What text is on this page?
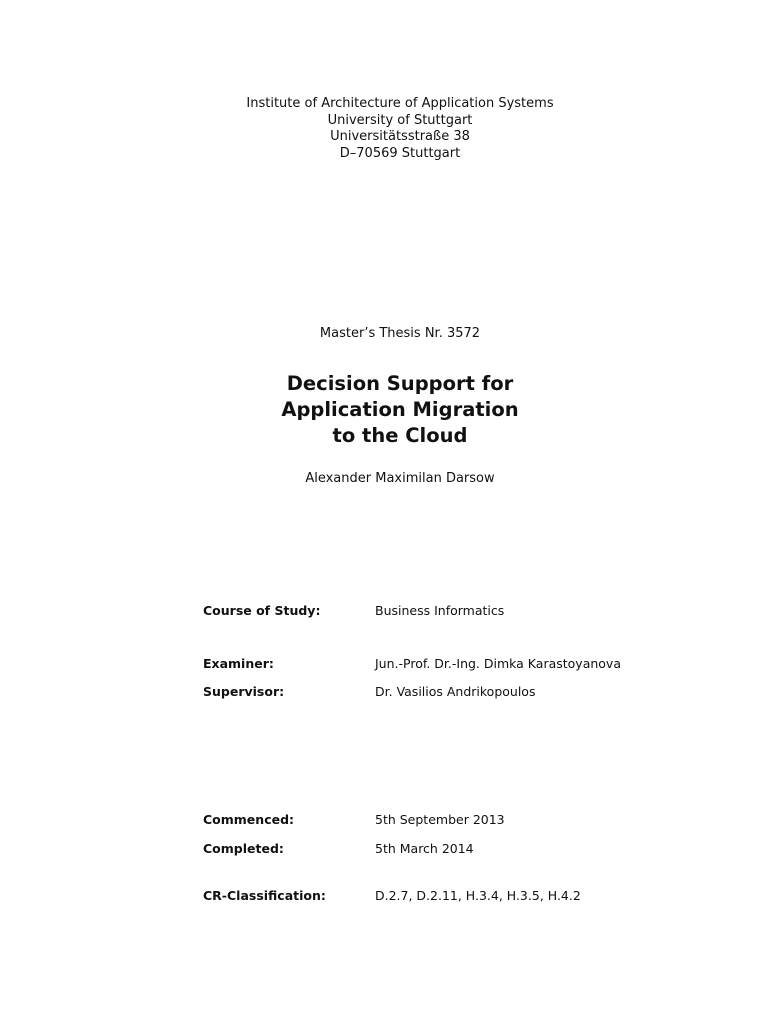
Institute of Architecture of Application Systems
University of Stuttgart
Universitätsstraße 38
D–70569 Stuttgart
Master’s Thesis Nr. 3572
Decision Support for
Application Migration
to the Cloud
Alexander Maximilan Darsow
Course of Study:	Business Informatics
Examiner:	Jun.-Prof. Dr.-Ing. Dimka Karastoyanova
Supervisor:	Dr. Vasilios Andrikopoulos
Commenced:	5th September 2013
Completed:	5th March 2014
CR-Classification:	D.2.7, D.2.11, H.3.4, H.3.5, H.4.2
